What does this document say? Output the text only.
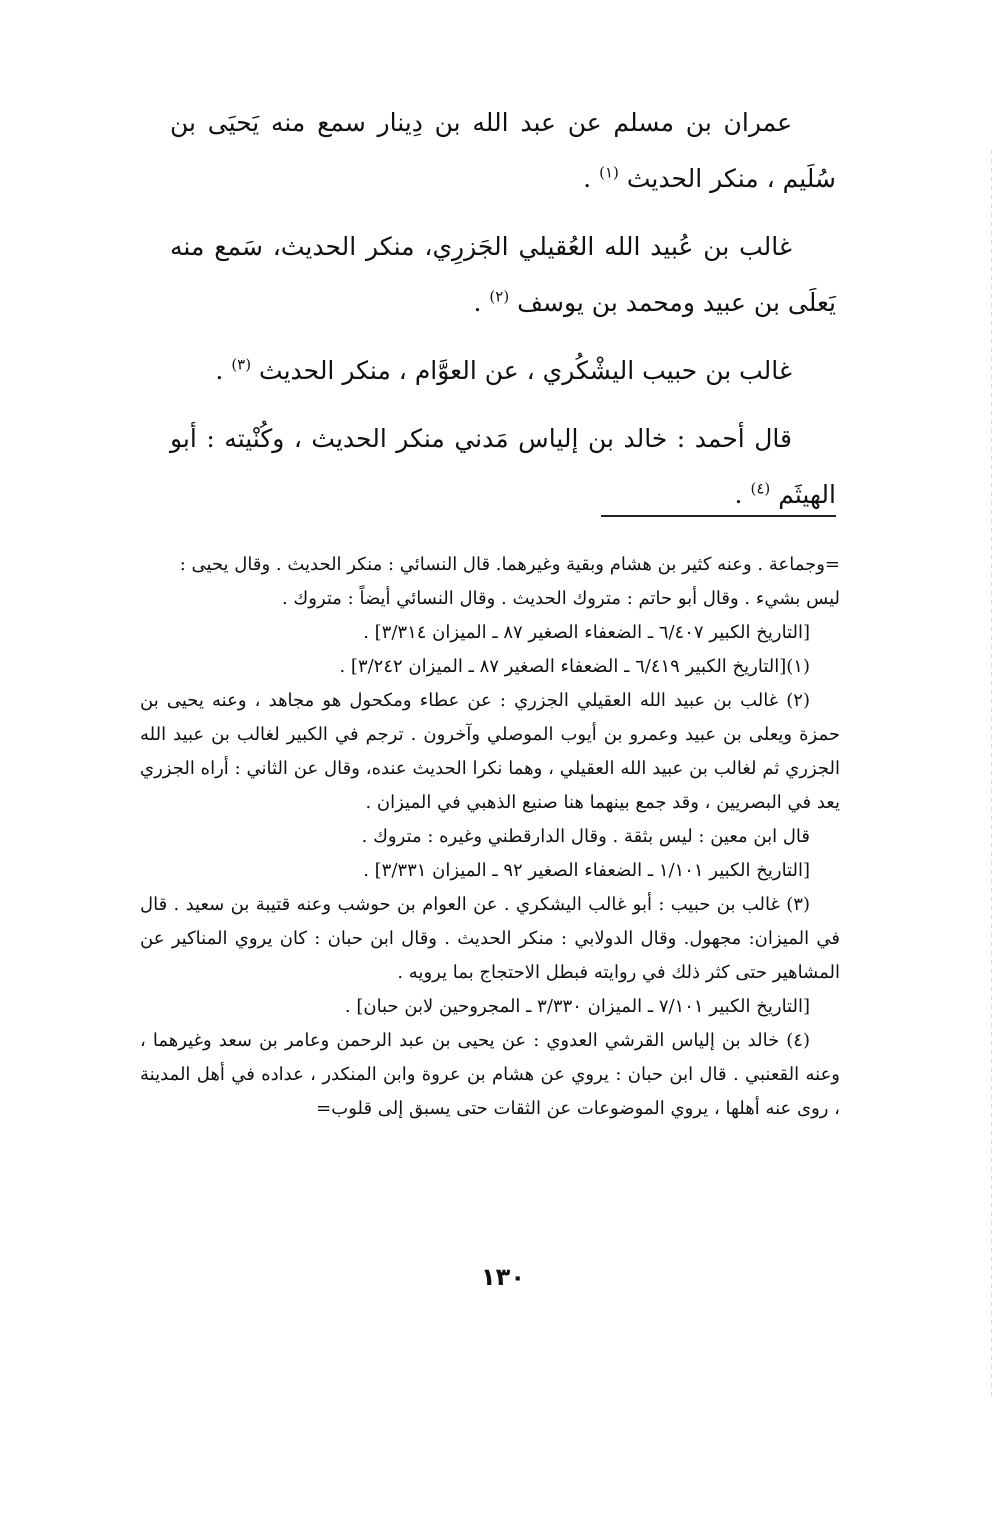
عمران بن مسلم عن عبد الله بن دِينار سمع منه يَحيَى بن سُلَيم ، منكر الحديث $^{(١)}$ .

غالب بن عُبيد الله العُقيلي الجَزرِي، منكر الحديث، سَمع منه يَعلَى بن عبيد ومحمد بن يوسف $^{(٢)}$ .

غالب بن حبيب اليشْكُري ، عن العوَّام ، منكر الحديث $^{(٣)}$ .

قال أحمد : خالد بن إلياس مَدني منكر الحديث ، وكُنْيته : أبو الهيثَم $^{(٤)}$ .

=وجماعة . وعنه كثير بن هشام وبقية وغيرهما. قال النسائي : منكر الحديث . وقال يحيى :

ليس بشيء . وقال أبو حاتم : متروك الحديث . وقال النسائي أيضاً : متروك .

[التاريخ الكبير ٦/٤٠٧ ـ الضعفاء الصغير ٨٧ ـ الميزان ٣/٣١٤] .

(١)[التاريخ الكبير ٦/٤١٩ ـ الضعفاء الصغير ٨٧ ـ الميزان ٣/٢٤٢] .

(٢) غالب بن عبيد الله العقيلي الجزري : عن عطاء ومكحول هو مجاهد ، وعنه يحيى بن حمزة ويعلى بن عبيد وعمرو بن أيوب الموصلي وآخرون . ترجم في الكبير لغالب بن عبيد الله الجزري ثم لغالب بن عبيد الله العقيلي ، وهما نكرا الحديث عنده، وقال عن الثاني : أراه الجزري يعد في البصريين ، وقد جمع بينهما هنا صنيع الذهبي في الميزان .

قال ابن معين : ليس بثقة . وقال الدارقطني وغيره : متروك .

[التاريخ الكبير ١/١٠١ ـ الضعفاء الصغير ٩٢ ـ الميزان ٣/٣٣١] .

(٣) غالب بن حبيب : أبو غالب اليشكري . عن العوام بن حوشب وعنه قتيبة بن سعيد . قال في الميزان: مجهول. وقال الدولابي : منكر الحديث . وقال ابن حبان : كان يروي المناكير عن المشاهير حتى كثر ذلك في روايته فبطل الاحتجاج بما يرويه .

[التاريخ الكبير ٧/١٠١ ـ الميزان ٣/٣٣٠ ـ المجروحين لابن حبان] .

(٤) خالد بن إلياس القرشي العدوي : عن يحيى بن عبد الرحمن وعامر بن سعد وغيرهما ، وعنه القعنبي . قال ابن حبان : يروي عن هشام بن عروة وابن المنكدر ، عداده في أهل المدينة ، روى عنه أهلها ، يروي الموضوعات عن الثقات حتى يسبق إلى قلوب=

١٣٠
